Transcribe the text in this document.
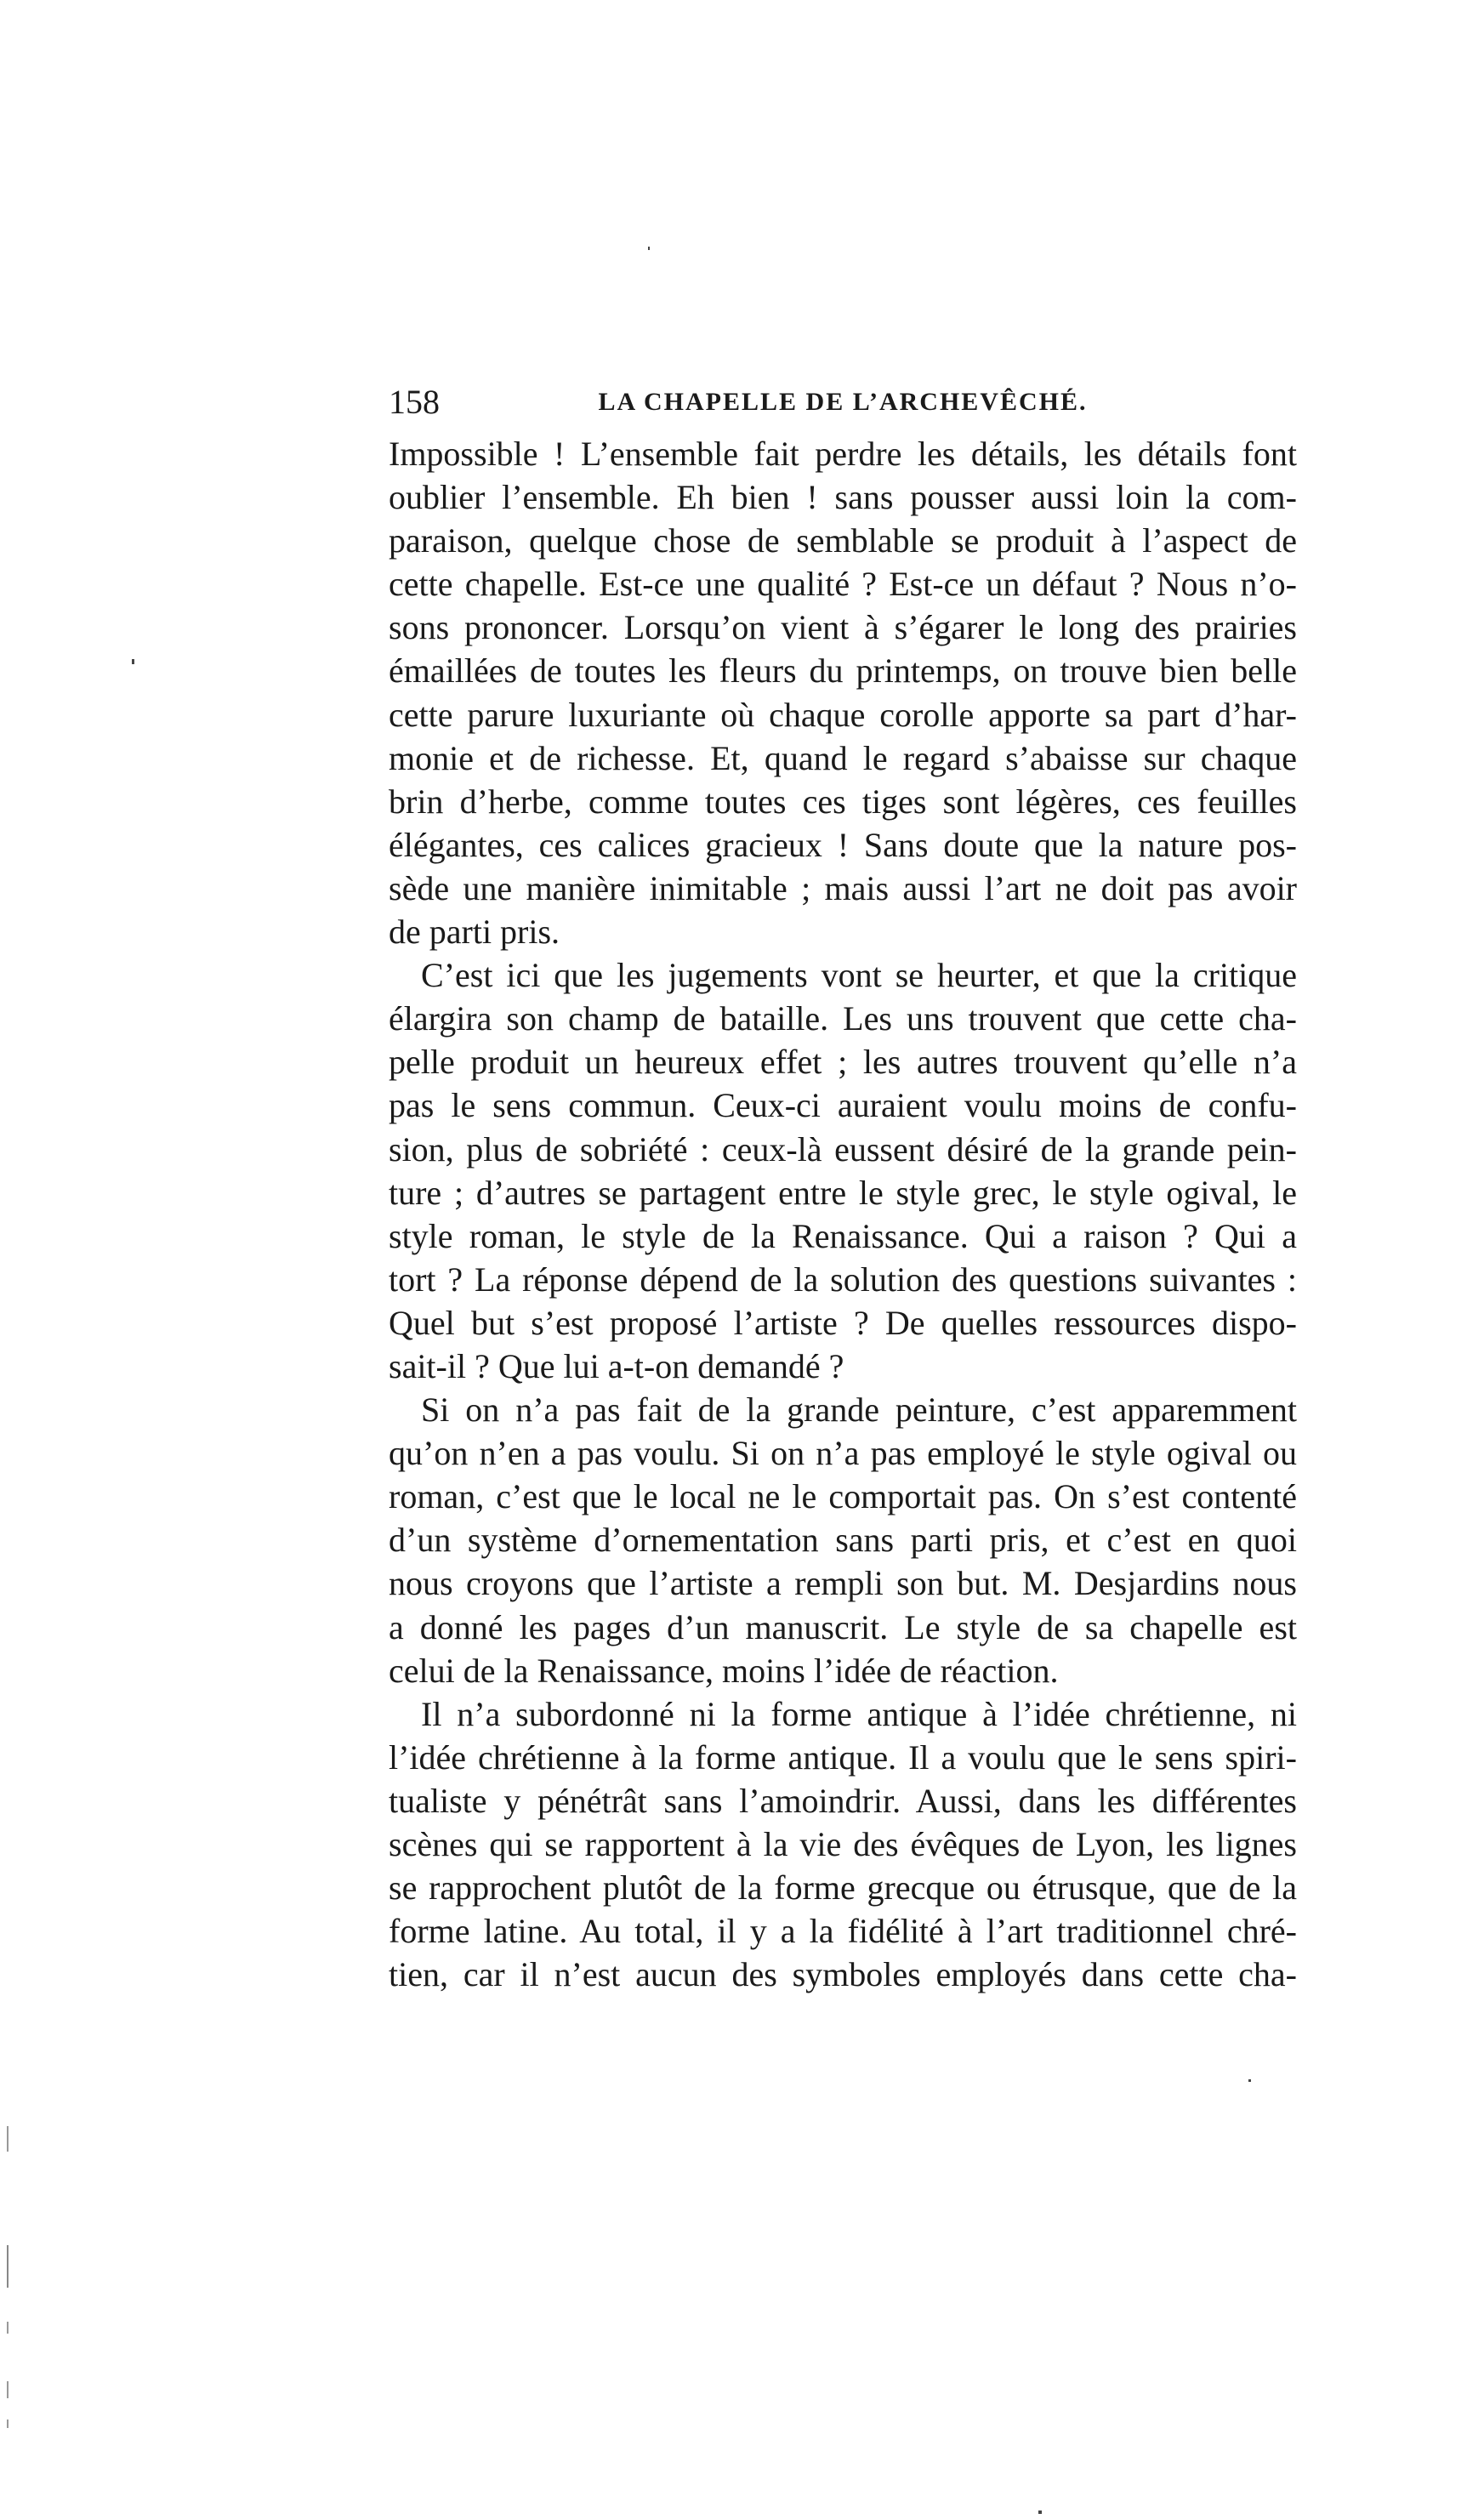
158	LA CHAPELLE DE L’ARCHEVÊCHÉ.
Impossible ! L’ensemble fait perdre les détails, les détails font
oublier l’ensemble. Eh bien ! sans pousser aussi loin la com-
paraison, quelque chose de semblable se produit à l’aspect de
cette chapelle. Est-ce une qualité ? Est-ce un défaut ? Nous n’o-
sons prononcer. Lorsqu’on vient à s’égarer le long des prairies
émaillées de toutes les fleurs du printemps, on trouve bien belle
cette parure luxuriante où chaque corolle apporte sa part d’har-
monie et de richesse. Et, quand le regard s’abaisse sur chaque
brin d’herbe, comme toutes ces tiges sont légères, ces feuilles
élégantes, ces calices gracieux ! Sans doute que la nature pos-
sède une manière inimitable ; mais aussi l’art ne doit pas avoir
de parti pris.
C’est ici que les jugements vont se heurter, et que la critique
élargira son champ de bataille. Les uns trouvent que cette cha-
pelle produit un heureux effet ; les autres trouvent qu’elle n’a
pas le sens commun. Ceux-ci auraient voulu moins de confu-
sion, plus de sobriété : ceux-là eussent désiré de la grande pein-
ture ; d’autres se partagent entre le style grec, le style ogival, le
style roman, le style de la Renaissance. Qui a raison ? Qui a
tort ? La réponse dépend de la solution des questions suivantes :
Quel but s’est proposé l’artiste ? De quelles ressources dispo-
sait-il ? Que lui a-t-on demandé ?
Si on n’a pas fait de la grande peinture, c’est apparemment
qu’on n’en a pas voulu. Si on n’a pas employé le style ogival ou
roman, c’est que le local ne le comportait pas. On s’est contenté
d’un système d’ornementation sans parti pris, et c’est en quoi
nous croyons que l’artiste a rempli son but. M. Desjardins nous
a donné les pages d’un manuscrit. Le style de sa chapelle est
celui de la Renaissance, moins l’idée de réaction.
Il n’a subordonné ni la forme antique à l’idée chrétienne, ni
l’idée chrétienne à la forme antique. Il a voulu que le sens spiri-
tualiste y pénétrât sans l’amoindrir. Aussi, dans les différentes
scènes qui se rapportent à la vie des évêques de Lyon, les lignes
se rapprochent plutôt de la forme grecque ou étrusque, que de la
forme latine. Au total, il y a la fidélité à l’art traditionnel chré-
tien, car il n’est aucun des symboles employés dans cette cha-
